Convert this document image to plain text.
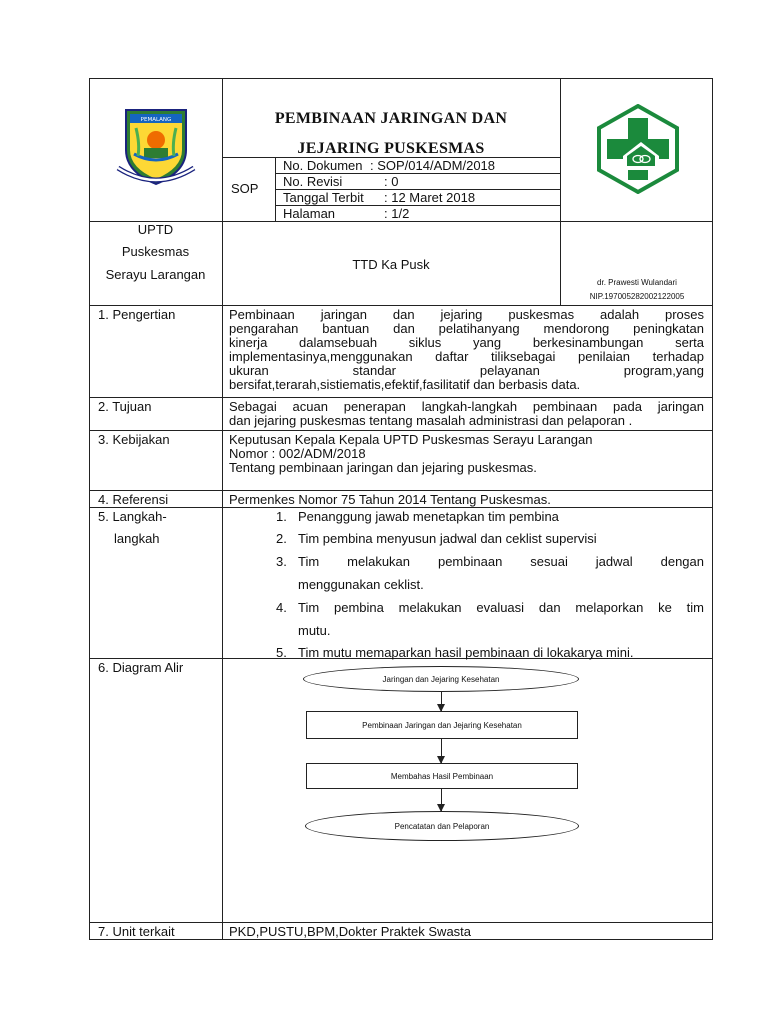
PEMALANG	PEMBINAAN JARINGAN DAN
JEJARING PUSKESMAS
SOP
No. Dokumen : SOP/014/ADM/2018
No. Revisi	: 0
Tanggal Terbit : 12 Maret 2018
Halaman	: 1/2
UPTD
Puskesmas
Serayu Larangan
TTD Ka Pusk
dr. Prawesti Wulandari
NIP.197005282002122005
1. Pengertian	Pembinaan jaringan dan jejaring puskesmas adalah proses
pengarahan bantuan dan pelatihanyang mendorong peningkatan
kinerja dalamsebuah siklus yang berkesinambungan serta
implementasinya,menggunakan daftar tiliksebagai penilaian terhadap
ukuran standar pelayanan program,yang
bersifat,terarah,sistiematis,efektif,fasilitatif dan berbasis data.
2. Tujuan	Sebagai acuan penerapan langkah-langkah pembinaan pada jaringan
dan jejaring puskesmas tentang masalah administrasi dan pelaporan .
3. Kebijakan	Keputusan Kepala Kepala UPTD Puskesmas Serayu Larangan
Nomor : 002/ADM/2018
Tentang pembinaan jaringan dan jejaring puskesmas.
4. Referensi	Permenkes Nomor 75 Tahun 2014 Tentang Puskesmas.
5. Langkah-
langkah
1. Penanggung jawab menetapkan tim pembina
2. Tim pembina menyusun jadwal dan ceklist supervisi
3. Tim melakukan pembinaan sesuai jadwal dengan
menggunakan ceklist.
4. Tim pembina melakukan evaluasi dan melaporkan ke tim
mutu.
5. Tim mutu memaparkan hasil pembinaan di lokakarya mini.
6. Diagram Alir
Jaringan dan Jejaring Kesehatan
Pembinaan Jaringan dan Jejaring Kesehatan
Membahas Hasil Pembinaan
Pencatatan dan Pelaporan
7. Unit terkait	PKD,PUSTU,BPM,Dokter Praktek Swasta
